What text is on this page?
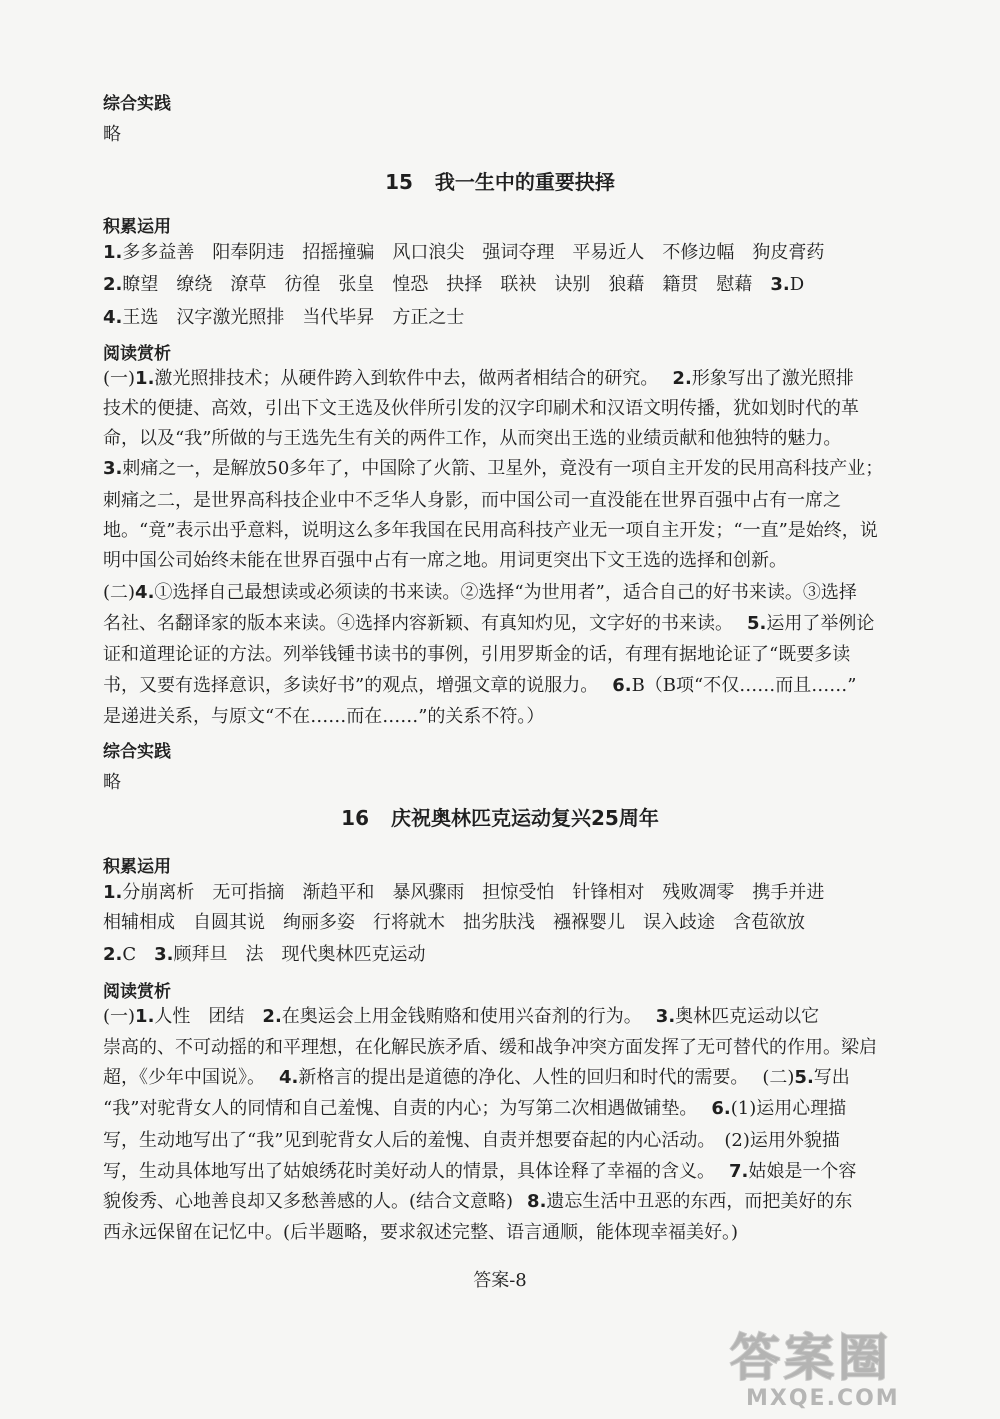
综合实践
略
15 我一生中的重要抉择
积累运用
1.多多益善　阳奉阴违　招摇撞骗　风口浪尖　强词夺理　平易近人　不修边幅　狗皮膏药
2.瞭望　缭绕　潦草　彷徨　张皇　惶恐　抉择　联袂　诀别　狼藉　籍贯　慰藉　3.D
4.王选　汉字激光照排　当代毕昇　方正之士
阅读赏析
(一)1.激光照排技术；从硬件跨入到软件中去，做两者相结合的研究。 2.形象写出了激光照排
技术的便捷、高效，引出下文王选及伙伴所引发的汉字印刷术和汉语文明传播，犹如划时代的革
命，以及“我”所做的与王选先生有关的两件工作，从而突出王选的业绩贡献和他独特的魅力。
3.刺痛之一，是解放50多年了，中国除了火箭、卫星外，竟没有一项自主开发的民用高科技产业；
刺痛之二，是世界高科技企业中不乏华人身影，而中国公司一直没能在世界百强中占有一席之
地。“竟”表示出乎意料，说明这么多年我国在民用高科技产业无一项自主开发；“一直”是始终，说
明中国公司始终未能在世界百强中占有一席之地。用词更突出下文王选的选择和创新。
(二)4.①选择自己最想读或必须读的书来读。②选择“为世用者”，适合自己的好书来读。③选择
名社、名翻译家的版本来读。④选择内容新颖、有真知灼见，文字好的书来读。 5.运用了举例论
证和道理论证的方法。列举钱锺书读书的事例，引用罗斯金的话，有理有据地论证了“既要多读
书，又要有选择意识，多读好书”的观点，增强文章的说服力。 6.B（B项“不仅……而且……”
是递进关系，与原文“不在……而在……”的关系不符。）
综合实践
略
16 庆祝奥林匹克运动复兴25周年
积累运用
1.分崩离析　无可指摘　渐趋平和　暴风骤雨　担惊受怕　针锋相对　残败凋零　携手并进
相辅相成　自圆其说　绚丽多姿　行将就木　拙劣肤浅　襁褓婴儿　误入歧途　含苞欲放
2.C　3.顾拜旦　法　现代奥林匹克运动
阅读赏析
(一)1.人性　团结　2.在奥运会上用金钱贿赂和使用兴奋剂的行为。 3.奥林匹克运动以它
崇高的、不可动摇的和平理想，在化解民族矛盾、缓和战争冲突方面发挥了无可替代的作用。梁启
超，《少年中国说》。 4.新格言的提出是道德的净化、人性的回归和时代的需要。 (二)5.写出
“我”对驼背女人的同情和自己羞愧、自责的内心；为写第二次相遇做铺垫。 6.(1)运用心理描
写，生动地写出了“我”见到驼背女人后的羞愧、自责并想要奋起的内心活动。　(2)运用外貌描
写，生动具体地写出了姑娘绣花时美好动人的情景，具体诠释了幸福的含义。 7.姑娘是一个容
貌俊秀、心地善良却又多愁善感的人。(结合文意略) 8.遗忘生活中丑恶的东西，而把美好的东
西永远保留在记忆中。(后半题略，要求叙述完整、语言通顺，能体现幸福美好。)
答案-8
答案圈
MXQE.COM
